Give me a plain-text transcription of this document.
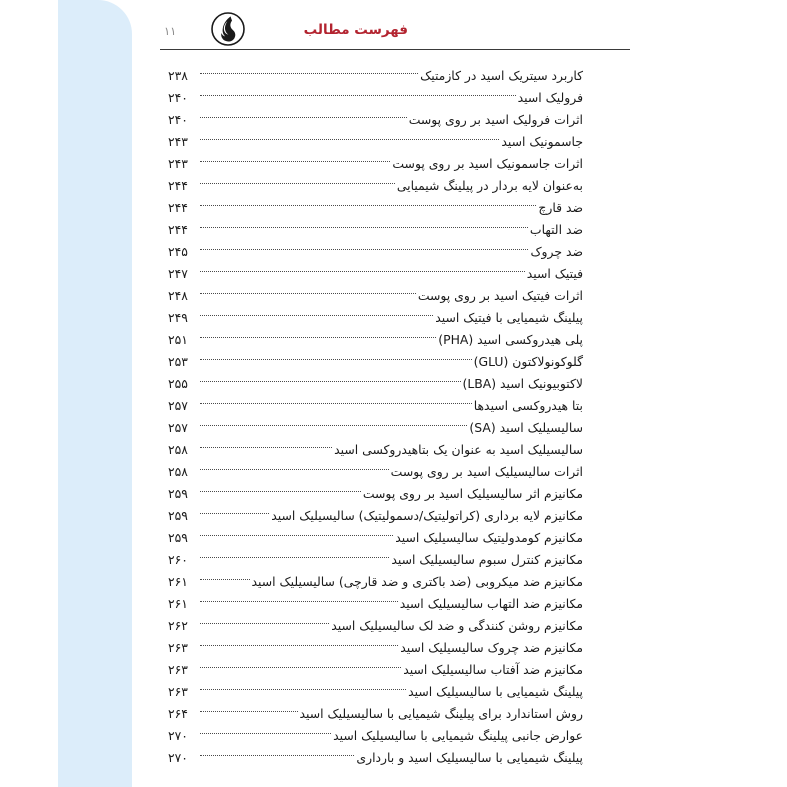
۱۱	فهرست مطالب
کاربرد سیتریک اسید در کازمتیک
۲۳۸
فرولیک اسید
۲۴۰
اثرات فرولیک اسید بر روی پوست
۲۴۰
جاسمونیک اسید
۲۴۳
اثرات جاسمونیک اسید بر روی پوست
۲۴۳
به‌عنوان لایه بردار در پیلینگ شیمیایی
۲۴۴
ضد قارچ
۲۴۴
ضد التهاب
۲۴۴
ضد چروک
۲۴۵
فیتیک اسید
۲۴۷
اثرات فیتیک اسید بر روی پوست
۲۴۸
پیلینگ شیمیایی با فیتیک اسید
۲۴۹
پلی هیدروکسی اسید (PHA)
۲۵۱
گلوکونولاکتون (GLU)
۲۵۳
لاکتوبیونیک اسید (LBA)
۲۵۵
بتا هیدروکسی اسیدها
۲۵۷
سالیسیلیک اسید (SA)
۲۵۷
سالیسیلیک اسید به عنوان یک بتاهیدروکسی اسید
۲۵۸
اثرات سالیسیلیک اسید بر روی پوست
۲۵۸
مکانیزم اثر سالیسیلیک اسید بر روی پوست
۲۵۹
مکانیزم لایه برداری (کراتولیتیک/دسمولیتیک) سالیسیلیک اسید
۲۵۹
مکانیزم کومدولیتیک سالیسیلیک اسید
۲۵۹
مکانیزم کنترل سبوم سالیسیلیک اسید
۲۶۰
مکانیزم ضد میکروبی (ضد باکتری و ضد قارچی) سالیسیلیک اسید
۲۶۱
مکانیزم ضد التهاب سالیسیلیک اسید
۲۶۱
مکانیزم روشن کنندگی و ضد لک سالیسیلیک اسید
۲۶۲
مکانیزم ضد چروک سالیسیلیک اسید
۲۶۳
مکانیزم ضد آفتاب سالیسیلیک اسید
۲۶۳
پیلینگ شیمیایی با سالیسیلیک اسید
۲۶۳
روش استاندارد برای پیلینگ شیمیایی با سالیسیلیک اسید
۲۶۴
عوارض جانبی پیلینگ شیمیایی با سالیسیلیک اسید
۲۷۰
پیلینگ شیمیایی با سالیسیلیک اسید و بارداری
۲۷۰
